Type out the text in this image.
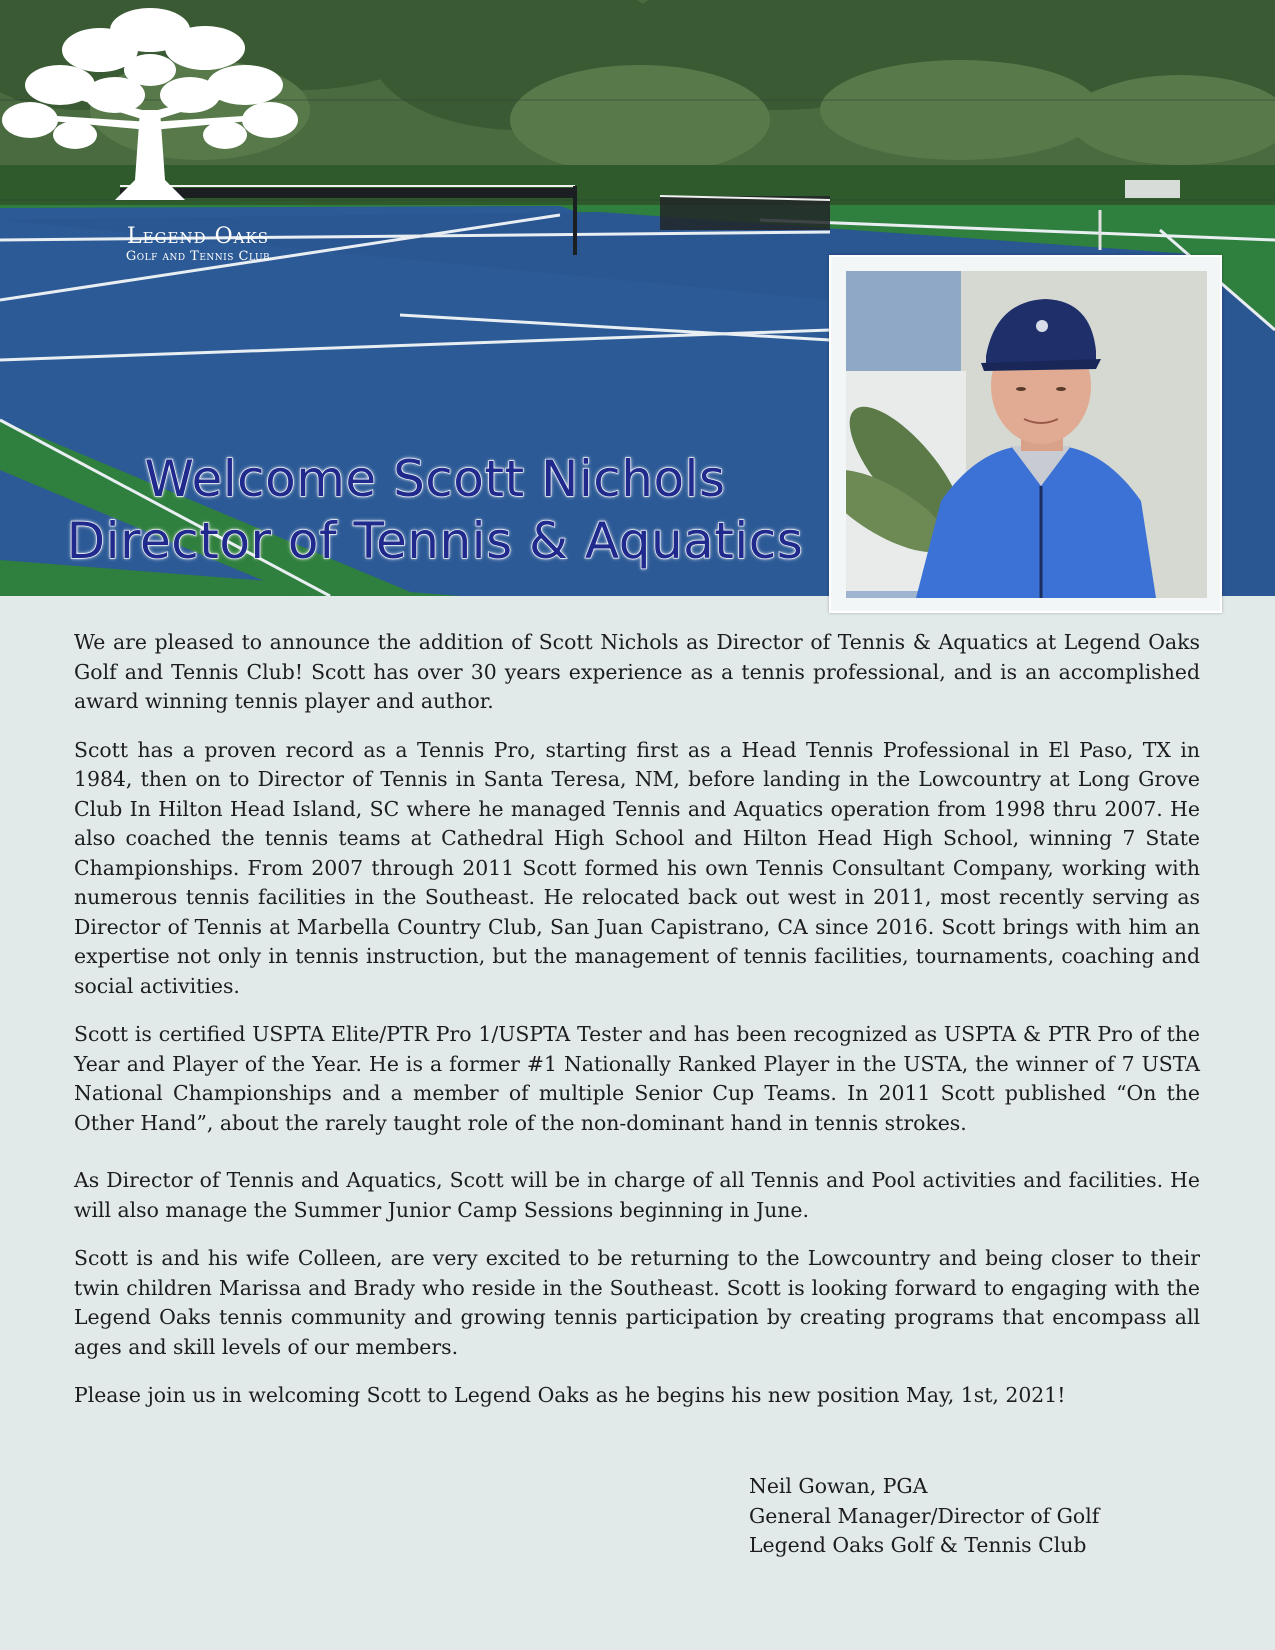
Legend Oaks
Golf and Tennis Club
Welcome Scott Nichols
Director of Tennis & Aquatics

We are pleased to announce the addition of Scott Nichols as Director of Tennis & Aquatics at Legend Oaks Golf and Tennis Club! Scott has over 30 years experience as a tennis professional, and is an accomplished award winning tennis player and author.

Scott has a proven record as a Tennis Pro, starting first as a Head Tennis Professional in El Paso, TX in 1984, then on to Director of Tennis in Santa Teresa, NM, before landing in the Lowcountry at Long Grove Club In Hilton Head Island, SC where he managed Tennis and Aquatics operation from 1998 thru 2007. He also coached the tennis teams at Cathedral High School and Hilton Head High School, winning 7 State Championships. From 2007 through 2011 Scott formed his own Tennis Consultant Company, working with numerous tennis facilities in the Southeast. He relocated back out west in 2011, most recently serving as Director of Tennis at Marbella Country Club, San Juan Capistrano, CA since 2016. Scott brings with him an expertise not only in tennis instruction, but the management of tennis facilities, tournaments, coaching and social activities.

Scott is certified USPTA Elite/PTR Pro 1/USPTA Tester and has been recognized as USPTA & PTR Pro of the Year and Player of the Year. He is a former #1 Nationally Ranked Player in the USTA, the winner of 7 USTA National Championships and a member of multiple Senior Cup Teams. In 2011 Scott published “On the Other Hand”, about the rarely taught role of the non-dominant hand in tennis strokes.

As Director of Tennis and Aquatics, Scott will be in charge of all Tennis and Pool activities and facilities. He will also manage the Summer Junior Camp Sessions beginning in June.

Scott is and his wife Colleen, are very excited to be returning to the Lowcountry and being closer to their twin children Marissa and Brady who reside in the Southeast. Scott is looking forward to engaging with the Legend Oaks tennis community and growing tennis participation by creating programs that encompass all ages and skill levels of our members.

Please join us in welcoming Scott to Legend Oaks as he begins his new position May, 1st, 2021!

Neil Gowan, PGA
General Manager/Director of Golf
Legend Oaks Golf & Tennis Club
